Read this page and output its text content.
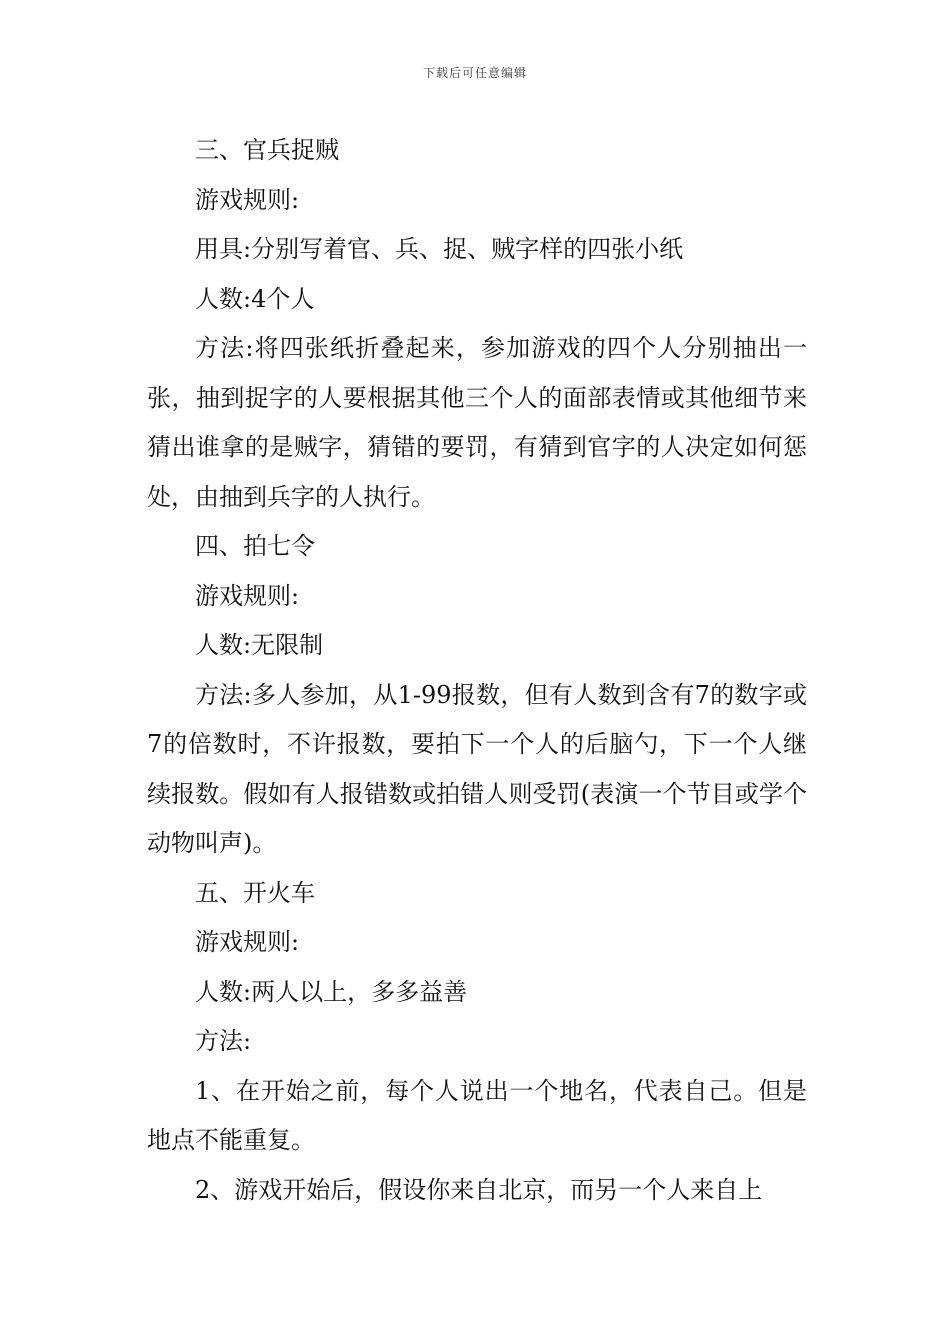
下载后可任意编辑

三、官兵捉贼

游戏规则:

用具:分别写着官、兵、捉、贼字样的四张小纸

人数:4个人

方法:将四张纸折叠起来，参加游戏的四个人分别抽出一张，抽到捉字的人要根据其他三个人的面部表情或其他细节来猜出谁拿的是贼字，猜错的要罚，有猜到官字的人决定如何惩处，由抽到兵字的人执行。

四、拍七令

游戏规则:

人数:无限制

方法:多人参加，从1-99报数，但有人数到含有7的数字或7的倍数时，不许报数，要拍下一个人的后脑勺，下一个人继续报数。假如有人报错数或拍错人则受罚(表演一个节目或学个动物叫声)。

五、开火车

游戏规则:

人数:两人以上，多多益善

方法:

1、在开始之前，每个人说出一个地名，代表自己。但是地点不能重复。

2、游戏开始后，假设你来自北京，而另一个人来自上
